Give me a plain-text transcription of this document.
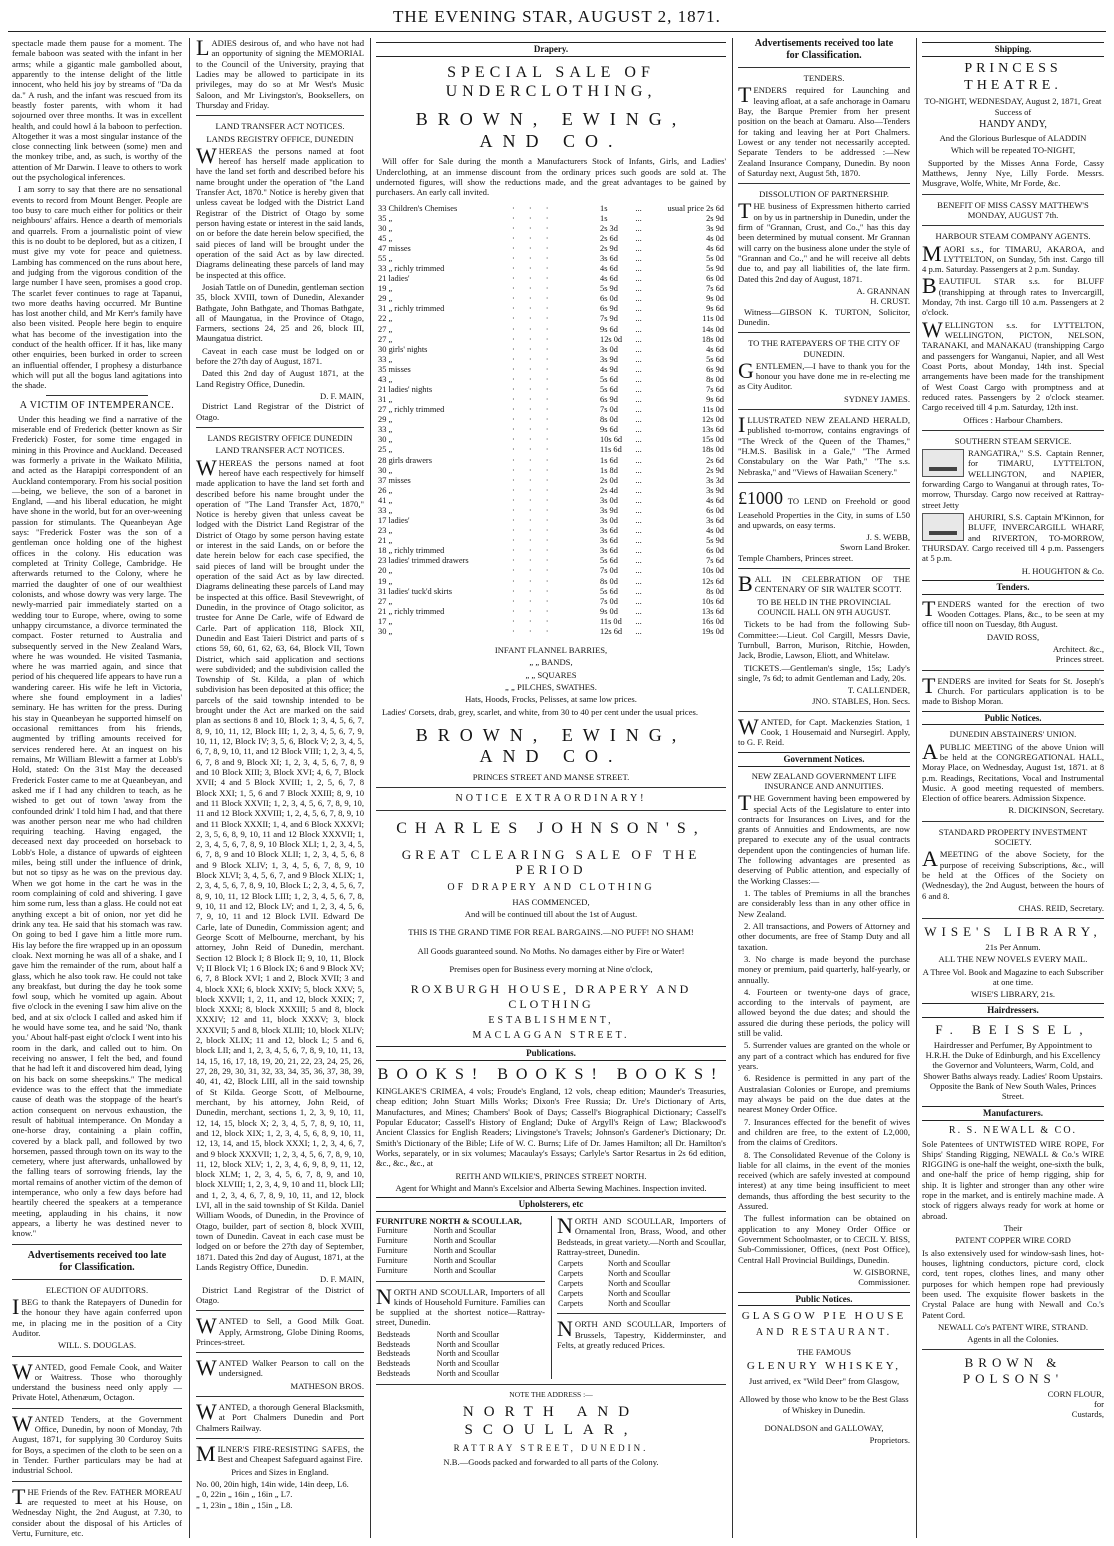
THE EVENING STAR, AUGUST 2, 1871.

spectacle made them pause for a moment. The female baboon was seated with the infant in her arms; while a gigantic male gambolled about, apparently to the intense delight of the little innocent, who held his joy by streams of "Da da da." A rush, and the infant was rescued from its beastly foster parents, with whom it had sojourned over three months. It was in excellent health, and could howl á la baboon to perfection. Altogether it was a most singular instance of the close connecting link between (some) men and the monkey tribe, and, as such, is worthy of the attention of Mr Darwin. I leave to others to work out the psychological inferences.

I am sorry to say that there are no sensational events to record from Mount Benger. People are too busy to care much either for politics or their neighbours' affairs. Hence a dearth of memorials and quarrels. From a journalistic point of view this is no doubt to be deplored, but as a citizen, I must give my vote for peace and quietness. Lambing has commenced on the runs about here, and judging from the vigorous condition of the large number I have seen, promises a good crop. The scarlet fever continues to rage at Tapanui, two more deaths having occurred. Mr Buntine has lost another child, and Mr Kerr's family have also been visited. People here begin to enquire what has become of the investigation into the conduct of the health officer. If it has, like many other enquiries, been burked in order to screen an influential offender, I prophesy a disturbance which will put all the bogus land agitations into the shade.

A VICTIM OF INTEMPERANCE.

Under this heading we find a narrative of the miserable end of Frederick (better known as Sir Frederick) Foster, for some time engaged in mining in this Province and Auckland. Deceased was formerly a private in the Waikato Militia, and acted as the Harapipi correspondent of an Auckland contemporary. From his social position—being, we believe, the son of a baronet in England, —and his liberal education, he might have shone in the world, but for an over-weening passion for stimulants. The Queanbeyan Age says: "Frederick Foster was the son of a gentleman once holding one of the highest offices in the colony. His education was completed at Trinity College, Cambridge. He afterwards returned to the Colony, where he married the daughter of one of our wealthiest colonists, and whose dowry was very large. The newly-married pair immediately started on a wedding tour to Europe, where, owing to some unhappy circumstance, a divorce terminated the compact. Foster returned to Australia and subsequently served in the New Zealand Wars, where he was wounded. He visited Tasmania, where he was married again, and since that period of his chequered life appears to have run a wandering career. His wife he left in Victoria, where she found employment in a ladies' seminary. He has written for the press. During his stay in Queanbeyan he supported himself on occasional remittances from his friends, augmented by trifling amounts received for services rendered here. At an inquest on his remains, Mr William Blewitt a farmer at Lobb's Hold, stated: On the 31st May the deceased Frederick Foster came to me at Queanbeyan, and asked me if I had any children to teach, as he wished to get out of town 'away from the confounded drink' I told him I had, and that there was another person near me who had children requiring teaching. Having engaged, the deceased next day proceeded on horseback to Lobb's Hole, a distance of upwards of eighteen miles, being still under the influence of drink, but not so tipsy as he was on the previous day. When we got home in the cart he was in the room complaining of cold and shivering. I gave him some rum, less than a glass. He could not eat anything except a bit of onion, nor yet did he drink any tea. He said that his stomach was raw. On going to bed I gave him a little more rum. His lay before the fire wrapped up in an opossum cloak. Next morning he was all of a shake, and I gave him the remainder of the rum, about half a glass, which he also took raw. He could not take any breakfast, but during the day he took some fowl soup, which he vomited up again. About five o'clock in the evening I saw him alive on the bed, and at six o'clock I called and asked him if he would have some tea, and he said 'No, thank you.' About half-past eight o'clock I went into his room in the dark, and called out to him. On receiving no answer, I felt the bed, and found that he had left it and discovered him dead, lying on his back on some sheepskins." The medical evidence was to the effect that the immediate cause of death was the stoppage of the heart's action consequent on nervous exhaustion, the result of habitual intemperance. On Monday a one-horse dray, containing a plain coffin, covered by a black pall, and followed by two horsemen, passed through town on its way to the cemetery, where just afterwards, unhallowed by the falling tears of sorrowing friends, lay the mortal remains of another victim of the demon of intemperance, who only a few days before had heartily cheered the speakers at a temperance meeting, applauding in his chains, it now appears, a liberty he was destined never to know."

Advertisements received too late
for Classification.
ELECTION OF AUDITORS.

IBEG to thank the Ratepayers of Dunedin for the honour they have again conferred upon me, in placing me in the position of a City Auditor.

WILL. S. DOUGLAS.

WANTED, good Female Cook, and Waiter or Waitress. Those who thoroughly understand the business need only apply — Private Hotel, Athenæum, Octagon.

WANTED Tenders, at the Government Office, Dunedin, by noon of Monday, 7th August, 1871, for supplying 30 Corduroy Suits for Boys, a specimen of the cloth to be seen on a in Tender. Further particulars may be had at industrial School.

THE Friends of the Rev. FATHER MOREAU are requested to meet at his House, on Wednesday Night, the 2nd August, at 7.30, to consider about the disposal of his Articles of Vertu, Furniture, etc.

LADIES desirous of, and who have not had an opportunity of signing the MEMORIAL to the Council of the University, praying that Ladies may be allowed to participate in its privileges, may do so at Mr West's Music Saloon, and Mr Livingston's, Booksellers, on Thursday and Friday.

LAND TRANSFER ACT NOTICES.
LANDS REGISTRY OFFICE, DUNEDIN

WHEREAS the persons named at foot hereof has herself made application to have the land set forth and described before his name brought under the operation of "the Land Transfer Act, 1870." Notice is hereby given that unless caveat be lodged with the District Land Registrar of the District of Otago by some person having estate or interest in the said lands, on or before the date herein below specified, the said pieces of land will be brought under the operation of the said Act as by law directed. Diagrams delineating these parcels of land may be inspected at this office.

Josiah Tattle on of Dunedin, gentleman section 35, block XVIII, town of Dunedin, Alexander Bathgate, John Bathgate, and Thomas Bathgate, all of Maungatua, in the Province of Otago, Farmers, sections 24, 25 and 26, block III, Maungatua district.

Caveat in each case must be lodged on or before the 27th day of August, 1871.

Dated this 2nd day of August 1871, at the Land Registry Office, Dunedin.

D. F. MAIN,

District Land Registrar of the District of Otago.

LANDS REGISTRY OFFICE DUNEDIN
LAND TRANSFER ACT NOTICES.

WHEREAS the persons named at foot hereof have each respectively for himself made application to have the land set forth and described before his name brought under the operation of "The Land Transfer Act, 1870," Notice is hereby given that unless caveat be lodged with the District Land Registrar of the District of Otago by some person having estate or interest in the said Lands, on or before the date herein below for each case specified, the said pieces of land will be brought under the operation of the said Act as by law directed. Diagrams delineating these parcels of Land may be inspected at this office. Basil Stevewright, of Dunedin, in the province of Otago solicitor, as trustee for Anne De Carle, wife of Edward de Carle. Part of application 118, Block XII, Dunedin and East Taieri District and parts of s ctions 59, 60, 61, 62, 63, 64, Block VII, Town District, which said application and sections were subdivided; and the subdivision called the Township of St. Kilda, a plan of which subdivision has been deposited at this office; the parcels of the said township intended to be brought under the Act are marked on the said plan as sections 8 and 10, Block 1; 3, 4, 5, 6, 7, 8, 9, 10, 11, 12, Block III; 1, 2, 3, 4, 5, 6, 7, 9, 10, 11, 12, Block IV; 3, 5, 6, Block V; 2, 3, 4, 5, 6, 7, 8, 9, 10, 11, and 12 Block VIII; 1, 2, 3, 4, 5, 6, 7, 8 and 9, Block XI; 1, 2, 3, 4, 5, 6, 7, 8, 9 and 10 Block XIII; 3, Block XVI; 4, 6, 7, Block XVII; 4 and 5 Block XVIII; 1, 2, 5, 6, 7, 8 Block XXI; 1, 5, 6 and 7 Block XXIII; 8, 9, 10 and 11 Block XXVII; 1, 2, 3, 4, 5, 6, 7, 8, 9, 10, 11 and 12 Block XXVIII; 1, 2, 4, 5, 6, 7, 8, 9, 10 and 11 Block XXXII; 1, 4, and 6 Block XXXVI; 2, 3, 5, 6, 8, 9, 10, 11 and 12 Block XXXVII; 1, 2, 3, 4, 5, 6, 7, 8, 9, 10 Block XLI; 1, 2, 3, 4, 5, 6, 7, 8, 9 and 10 Block XLII; 1, 2, 3, 4, 5, 6, 8 and 9 Block XLIV; 1, 3, 4, 5, 6, 7, 8, 9, 10 Block XLVI; 3, 4, 5, 6, 7, and 9 Block XLIX; 1, 2, 3, 4, 5, 6, 7, 8, 9, 10, Block L; 2, 3, 4, 5, 6, 7, 8, 9, 10, 11, 12 Block LIII; 1, 2, 3, 4, 5, 6, 7, 8, 9, 10, 11 and 12, Block LV; and 1, 2, 3, 4, 5, 6, 7, 9, 10, 11 and 12 Block LVII. Edward De Carle, late of Dunedin, Commission agent; and George Scott of Melbourne, merchant, by his attorney, John Reid of Dunedin, merchant. Section 12 Block I; 8 Block II; 9, 10, 11, Block V; II Block VI; 1 6 Block IX; 6 and 9 Block XV; 6, 7, 8 Block XVI; 1 and 2, Block XVII; 3 and 4, block XXI; 6, block XXIV; 5, block XXV; 5, block XXVII; 1, 2, 11, and 12, block XXIX; 7, block XXXI; 8, block XXXIII; 5 and 8, block XXXIV; 12 and 11, block XXXV; 3, block XXXVII; 5 and 8, block XLIII; 10, block XLIV; 2, block XLIX; 11 and 12, block L; 5 and 6, block LII; and 1, 2, 3, 4, 5, 6, 7, 8, 9, 10, 11, 13, 14, 15, 16, 17, 18, 19, 20, 21, 22, 23, 24, 25, 26, 27, 28, 29, 30, 31, 32, 33, 34, 35, 36, 37, 38, 39, 40, 41, 42, Block LIII, all in the said township of St Kilda. George Scott, of Melbourne, merchant, by his attorney, John Reid, of Dunedin, merchant, sections 1, 2, 3, 9, 10, 11, 12, 14, 15, block X; 2, 3, 4, 5, 7, 8, 9, 10, 11, and 12, block XIX; 1, 2, 3, 4, 5, 6, 8, 9, 10, 11, 12, 13, 14, and 15, block XXXI; 1, 2, 3, 4, 6, 7, and 9 block XXXVII; 1, 2, 3, 4, 5, 6, 7, 8, 9, 10, 11, 12, block XLV; 1, 2, 3, 4, 6, 9, 8, 9, 11, 12, block XLM; 1, 2, 3, 4, 5, 6, 7, 8, 9, and 10, block XLVIII; 1, 2, 3, 4, 9, 10 and 11, block LII; and 1, 2, 3, 4, 6, 7, 8, 9, 10, 11, and 12, block LVI, all in the said township of St Kilda. Daniel William Woods, of Dunedin, in the Province of Otago, builder, part of section 8, block XVIII, town of Dunedin. Caveat in each case must be lodged on or before the 27th day of September, 1871. Dated this 2nd day of August, 1871, at the Lands Registry Office, Dunedin.

D. F. MAIN,

District Land Registrar of the District of Otago.

WANTED to Sell, a Good Milk Goat. Apply, Armstrong, Globe Dining Rooms, Princes-street.

WANTED Walker Pearson to call on the undersigned.

MATHESON BROS.

WANTED, a thorough General Blacksmith, at Port Chalmers Dunedin and Port Chalmers Railway.

MILNER'S FIRE-RESISTING SAFES, the Best and Cheapest Safeguard against Fire.

Prices and Sizes in England.
No. 00, 20in high, 14in wide, 14in deep, L6.
„ 0, 22in „ 16in „ 16in „ L7.
„ 1, 23in „ 18in „ 15in „ L8.
Drapery.
SPECIAL SALE OF UNDERCLOTHING,
BROWN, EWING, AND CO.

Will offer for Sale during the month a Manufacturers Stock of Infants, Girls, and Ladies' Underclothing, at an immense discount from the ordinary prices such goods are sold at. The undernoted figures, will show the reductions made, and the great advantages to be gained by purchasers. An early call invited.

33 Children's Chemises	· · ·	1s	...	usual price 2s 6d
35 „	· · ·	1s	...	2s 9d
30 „	· · ·	2s 3d	...	3s 9d
45 „	· · ·	2s 6d	...	4s 0d
47 misses	· · ·	2s 9d	...	4s 6d
55 „	· · ·	3s 6d	...	5s 0d
33 „ richly trimmed	· · ·	4s 6d	...	5s 9d
21 ladies'	· · ·	4s 6d	...	6s 0d
19 „	· · ·	5s 9d	...	7s 6d
29 „	· · ·	6s 0d	...	9s 0d
31 „ richly trimmed	· · ·	6s 9d	...	9s 6d
22 „	· · ·	7s 9d	...	11s 0d
27 „	· · ·	9s 6d	...	14s 0d
27 „	· · ·	12s 0d	...	18s 0d
30 girls' nights	· · ·	3s 0d	...	4s 6d
33 „	· · ·	3s 9d	...	5s 6d
35 misses	· · ·	4s 9d	...	6s 9d
43 „	· · ·	5s 6d	...	8s 0d
21 ladies' nights	· · ·	5s 6d	...	7s 6d
31 „	· · ·	6s 9d	...	9s 6d
27 „ richly trimmed	· · ·	7s 0d	...	11s 0d
29 „	· · ·	8s 0d	...	12s 0d
33 „	· · ·	9s 6d	...	13s 6d
30 „	· · ·	10s 6d	...	15s 0d
25 „	· · ·	11s 6d	...	18s 0d
28 girls drawers	· · ·	1s 6d	...	2s 6d
30 „	· · ·	1s 8d	...	2s 9d
37 misses	· · ·	2s 0d	...	3s 3d
26 „	· · ·	2s 4d	...	3s 9d
41 „	· · ·	3s 0d	...	4s 6d
33 „	· · ·	3s 9d	...	6s 0d
17 ladies'	· · ·	3s 0d	...	3s 6d
23 „	· · ·	3s 6d	...	4s 0d
21 „	· · ·	3s 6d	...	5s 9d
18 „ richly trimmed	· · ·	3s 6d	...	6s 0d
23 ladies' trimmed drawers	· · ·	5s 6d	...	7s 6d
20 „	· · ·	7s 0d	...	10s 0d
19 „	· · ·	8s 0d	...	12s 6d
31 ladies' tuck'd skirts	· · ·	5s 6d	...	8s 0d
27 „	· · ·	7s 0d	...	10s 6d
21 „ richly trimmed	· · ·	9s 0d	...	13s 6d
17 „	· · ·	11s 0d	...	16s 0d
30 „	· · ·	12s 6d	...	19s 0d
INFANT FLANNEL BARRIES,
„ „ BANDS,
„ „ SQUARES
„ „ PILCHES, SWATHES.
Hats, Hoods, Frocks, Pelisses, at same low prices.

Ladies' Corsets, drab, grey, scarlet, and white, from 30 to 40 per cent under the usual prices.

BROWN, EWING, AND CO.
PRINCES STREET AND MANSE STREET.
NOTICE EXTRAORDINARY!
CHARLES JOHNSON'S,
GREAT CLEARING SALE OF THE PERIOD
OF DRAPERY AND CLOTHING
HAS COMMENCED,
And will be continued till about the 1st of August.
THIS IS THE GRAND TIME FOR REAL BARGAINS.—NO PUFF! NO SHAM!
All Goods guaranteed sound. No Moths. No damages either by Fire or Water!
Premises open for Business every morning at Nine o'clock,
ROXBURGH HOUSE, DRAPERY AND CLOTHING
ESTABLISHMENT,
MACLAGGAN STREET.
Publications.
BOOKS! BOOKS! BOOKS!

KINGLAKE'S CRIMEA, 4 vols; Froude's England, 12 vols, cheap edition; Maunder's Treasuries, cheap edition; John Stuart Mills Works; Dixon's Free Russia; Dr. Ure's Dictionary of Arts, Manufactures, and Mines; Chambers' Book of Days; Cassell's Biographical Dictionary; Cassell's Popular Educator; Cassell's History of England; Duke of Argyll's Reign of Law; Blackwood's Ancient Classics for English Readers; Livingstone's Travels; Johnson's Gardener's Dictionary; Dr. Smith's Dictionary of the Bible; Life of W. C. Burns; Life of Dr. James Hamilton; all Dr. Hamilton's Works, separately, or in six volumes; Macaulay's Essays; Carlyle's Sartor Resartus in 2s 6d edition, &c., &c., &c., at

REITH AND WILKIE'S, PRINCES STREET NORTH.
Agent for Whight and Mann's Excelsior and Alberta Sewing Machines. Inspection invited.
Upholsterers, etc
FURNITURE NORTH & SCOULLAR,
Furniture	North and Scoullar
Furniture	North and Scoullar
Furniture	North and Scoullar
Furniture	North and Scoullar
Furniture	North and Scoullar

NORTH AND SCOULLAR, Importers of all kinds of Household Furniture. Families can be supplied at the shortest notice—Rattray-street, Dunedin.

Bedsteads	North and Scoullar
Bedsteads	North and Scoullar
Bedsteads	North and Scoullar
Bedsteads	North and Scoullar
Bedsteads	North and Scoullar

NORTH AND SCOULLAR, Importers of Ornamental Iron, Brass, Wood, and other Bedsteads, in great variety.—North and Scoullar, Rattray-street, Dunedin.

Carpets	North and Scoullar
Carpets	North and Scoullar
Carpets	North and Scoullar
Carpets	North and Scoullar
Carpets	North and Scoullar

NORTH AND SCOULLAR, Importers of Brussels, Tapestry, Kidderminster, and Felts, at greatly reduced Prices.

NOTE THE ADDRESS :—
NORTH AND SCOULLAR,
RATTRAY STREET, DUNEDIN.
N.B.—Goods packed and forwarded to all parts of the Colony.
Advertisements received too late
for Classification.
TENDERS.

TENDERS required for Launching and leaving afloat, at a safe anchorage in Oamaru Bay, the Barque Premier from her present position on the beach at Oamaru. Also—Tenders for taking and leaving her at Port Chalmers. Lowest or any tender not necessarily accepted. Separate Tenders to be addressed :—New Zealand Insurance Company, Dunedin. By noon of Saturday next, August 5th, 1870.

DISSOLUTION OF PARTNERSHIP.

THE business of Expressmen hitherto carried on by us in partnership in Dunedin, under the firm of "Grannan, Crust, and Co.," has this day been determined by mutual consent. Mr Grannan will carry on the business alone under the style of "Grannan and Co.," and he will receive all debts due to, and pay all liabilities of, the late firm. Dated this 2nd day of August, 1871.

A. GRANNAN
H. CRUST.

Witness—GIBSON K. TURTON, Solicitor, Dunedin.

TO THE RATEPAYERS OF THE CITY OF DUNEDIN.

GENTLEMEN,—I have to thank you for the honour you have done me in re-electing me as City Auditor.

SYDNEY JAMES.

ILLUSTRATED NEW ZEALAND HERALD, published to-morrow, contains engravings of "The Wreck of the Queen of the Thames," "H.M.S. Basilisk in a Gale," "The Armed Constabulary on the War Path," "The s.s. Nebraska," and "Views of Hawaiian Scenery."

£1000 TO LEND on Freehold or good Leasehold Properties in the City, in sums of L50 and upwards, on easy terms.

J. S. WEBB,
Sworn Land Broker.
Temple Chambers, Princes street.

BALL IN CELEBRATION OF THE CENTENARY OF SIR WALTER SCOTT.

TO BE HELD IN THE PROVINCIAL COUNCIL HALL ON 9TH AUGUST.

Tickets to be had from the following Sub-Committee:—Lieut. Col Cargill, Messrs Davie, Turnbull, Barron, Murison, Ritchie, Howden, Jack, Brodie, Lawson, Eliott, and Whitelaw.

TICKETS.—Gentleman's single, 15s; Lady's single, 7s 6d; to admit Gentleman and Lady, 20s.

T. CALLENDER,
JNO. STABLES, Hon. Secs.

WANTED, for Capt. Mackenzies Station, 1 Cook, 1 Housemaid and Nursegirl. Apply, to G. F. Reid.

Government Notices.
NEW ZEALAND GOVERNMENT LIFE INSURANCE AND ANNUITIES.

THE Government having been empowered by special Acts of the Legislature to enter into contracts for Insurances on Lives, and for the grants of Annuities and Endowments, are now prepared to execute any of the usual contracts dependent upon the contingencies of human life. The following advantages are presented as deserving of Public attention, and especially of the Working Classes:—

1. The tables of Premiums in all the branches are considerably less than in any other office in New Zealand.

2. All transactions, and Powers of Attorney and other documents, are free of Stamp Duty and all taxation.

3. No charge is made beyond the purchase money or premium, paid quarterly, half-yearly, or annually.

4. Fourteen or twenty-one days of grace, according to the intervals of payment, are allowed beyond the due dates; and should the assured die during these periods, the policy will still be valid.

5. Surrender values are granted on the whole or any part of a contract which has endured for five years.

6. Residence is permitted in any part of the Australasian Colonies or Europe, and premiums may always be paid on the due dates at the nearest Money Order Office.

7. Insurances effected for the benefit of wives and children are free, to the extent of L2,000, from the claims of Creditors.

8. The Consolidated Revenue of the Colony is liable for all claims, in the event of the monies received (which are safely invested at compound interest) at any time being insufficient to meet demands, thus affording the best security to the Assured.

The fullest information can be obtained on application to any Money Order Office or Government Schoolmaster, or to CECIL Y. BISS, Sub-Commissioner, Offices, (next Post Office), Central Hall Provincial Buildings, Dunedin.

W. GISBORNE,
Commissioner.
Public Notices.
GLASGOW PIE HOUSE
AND RESTAURANT.
THE FAMOUS
GLENURY WHISKEY,
Just arrived, ex "Wild Deer" from Glasgow,
Allowed by those who know to be the Best Glass of Whiskey in Dunedin.
DONALDSON and GALLOWAY,
Proprietors.
Shipping.
PRINCESS THEATRE.
TO-NIGHT, WEDNESDAY, August 2, 1871, Great Success of
HANDY ANDY,
And the Glorious Burlesque of ALADDIN
Which will be repeated TO-NIGHT,

Supported by the Misses Anna Forde, Cassy Matthews, Jenny Nye, Lilly Forde. Messrs. Musgrave, Wolfe, White, Mr Forde, &c.

BENEFIT OF MISS CASSY MATTHEW'S MONDAY, AUGUST 7th.
HARBOUR STEAM COMPANY AGENTS.

MAORI s.s., for TIMARU, AKAROA, and LYTTELTON, on Sunday, 5th inst. Cargo till 4 p.m. Saturday. Passengers at 2 p.m. Sunday.

BEAUTIFUL STAR s.s. for BLUFF (transhipping at through rates to Invercargill, Monday, 7th inst. Cargo till 10 a.m. Passengers at 2 o'clock.

WELLINGTON s.s. for LYTTELTON, WELLINGTON, PICTON, NELSON, TARANAKI, and MANAKAU (transhipping Cargo and passengers for Wanganui, Napier, and all West Coast Ports, about Monday, 14th inst. Special arrangements have been made for the transhipment of West Coast Cargo with promptness and at reduced rates. Passengers by 2 o'clock steamer. Cargo received till 4 p.m. Saturday, 12th inst.

Offices : Harbour Chambers.
SOUTHERN STEAM SERVICE.

RANGATIRA," S.S. Captain Renner, for TIMARU, LYTTELTON, WELLINGTON, and NAPIER, forwarding Cargo to Wanganui at through rates, To-morrow, Thursday. Cargo now received at Rattray-street Jetty

AHURIRI, S.S. Captain M'Kinnon, for BLUFF, INVERCARGILL WHARF, and RIVERTON, TO-MORROW, THURSDAY. Cargo received till 4 p.m. Passengers at 5 p.m.

H. HOUGHTON & Co.
Tenders.

TENDERS wanted for the erection of two Wooden Cottages. Plans, &c., to be seen at my office till noon on Tuesday, 8th August.

DAVID ROSS,
Architect. &c.,
Princes street.

TENDERS are invited for Seats for St. Joseph's Church. For particulars application is to be made to Bishop Moran.

Public Notices.
DUNEDIN ABSTAINERS' UNION.

APUBLIC MEETING of the above Union will be held at the CONGREGATIONAL HALL, Moray Place, on Wednesday, August 1st, 1871. at 8 p.m. Readings, Recitations, Vocal and Instrumental Music. A good meeting requested of members. Election of office bearers. Admission Sixpence.

R. DICKINSON, Secretary.
STANDARD PROPERTY INVESTMENT SOCIETY.

AMEETING of the above Society, for the purpose of receiving Subscriptions, &c., will be held at the Offices of the Society on (Wednesday), the 2nd August, between the hours of 6 and 8.

CHAS. REID, Secretary.
WISE'S LIBRARY,
21s Per Annum.
ALL THE NEW NOVELS EVERY MAIL.
A Three Vol. Book and Magazine to each Subscriber at one time.
WISE'S LIBRARY, 21s.
Hairdressers.
F. BEISSEL,

Hairdresser and Perfumer, By Appointment to H.R.H. the Duke of Edinburgh, and his Excellency the Governor and Volunteers, Warm, Cold, and Shower Baths always ready. Ladies' Room Upstairs. Opposite the Bank of New South Wales, Princes Street.

Manufacturers.
R. S. NEWALL & CO.

Sole Patentees of UNTWISTED WIRE ROPE, For Ships' Standing Rigging, NEWALL & Co.'s WIRE RIGGING is one-half the weight, one-sixth the bulk, and one-half the price of hemp rigging, ship for ship. It is lighter and stronger than any other wire rope in the market, and is entirely machine made. A stock of riggers always ready for work at home or abroad.

Their
PATENT COPPER WIRE CORD

Is also extensively used for window-sash lines, hot-houses, lightning conductors, picture cord, clock cord, tent ropes, clothes lines, and many other purposes for which hempen rope had previously been used. The exquisite flower baskets in the Crystal Palace are hung with Newall and Co.'s Patent Cord.

NEWALL Co's PATENT WIRE, STRAND.
Agents in all the Colonies.
BROWN & POLSONS'
CORN FLOUR,
for
Custards,
